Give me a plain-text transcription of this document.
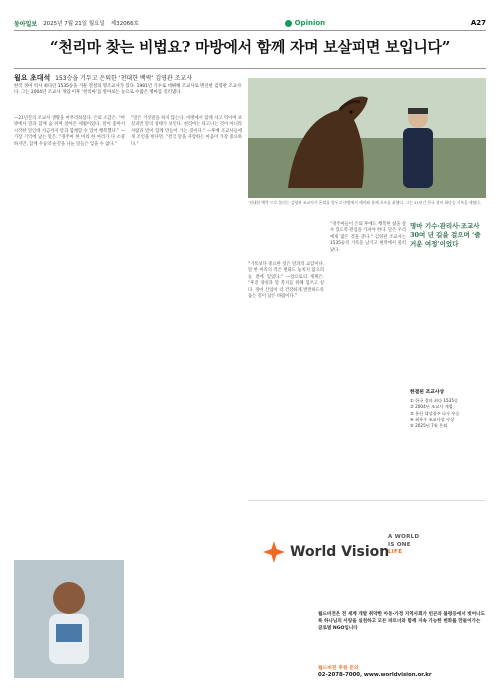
동아일보 2025년 7월 21일 월요일 제32066호	Opinion	A27
“천리마 찾는 비법요? 마방에서 함께 자며 보살피면 보입니다”
월요 초대석 153승을 기두고 은퇴한 ‘천대한 백락’ 김영관 조교사
한국 경마 역사 최다인 1535승을 거둔 전설의 명조교사가 있다. 1981년 기수로 데뷔해 조교사로 변신한 김영관 조교사다. 그는 2004년 조교사 개업 이후 ‘천리마’를 알아보는 눈으로 수많은 명마를 길러냈다.

—21년간의 조교사 생활을 마무리하셨다. 은퇴 소감은. “마방에서 말과 함께 숨 쉬며 살아온 세월이었다. 말이 좋아서 시작한 일인데 지금까지 말과 함께할 수 있어 행복했다.” —가장 기억에 남는 말은. “경주마 한 마리 한 마리가 다 소중하지만, 함께 우승의 순간을 나눈 말들은 잊을 수 없다.”

“말은 거짓말을 하지 않는다. 마방에서 함께 자고 먹이며 보살피면 말의 상태가 보인다. 천리마는 타고나는 것이 아니라 사람과 말이 함께 만들어 가는 것이다.” —후배 조교사들에게 조언을 한다면. “결국 말을 사랑하는 마음이 가장 중요하다.”

“기록보다 중요한 것은 말과의 교감이다. 말 한 마리의 작은 변화도 놓치지 않으려 늘 곁에 있었다.” —앞으로의 계획은. “후진 양성과 말 복지를 위해 힘쓰고 싶다. 경마 산업이 더 건강하게 발전하도록 돕는 것이 남은 바람이다.”

“경주마들이 은퇴 후에도 행복한 삶을 살 수 있도록 관심을 가져야 한다. 말은 우리에게 많은 것을 준다.” 김영관 조교사는 1535승의 기록을 남기고 현역에서 물러났다.

‘천대한 백락’으로 불리는 김영관 조교사가 은퇴를 앞두고 마방에서 애마와 함께 포즈를 취했다. 그는 21년간 한국 경마 최다승 기록을 세웠다.
명마 기수·관리사·조교사 30여 년 길을 걸으며 ‘즐거운 여정’이었다
한결된 조교사상
① 한국 경마 최다 1535승
② 2004년 조교사 개업
③ 통산 대상경주 다수 우승
④ 최우수 조교사상 수상
⑤ 2025년 7월 은퇴
World Vision
A WORLD
IS ONE
LIFE
월드비전은 전 세계 개발 취약한 아동·가정 지역사회가 빈곤과 불평등에서 벗어나도록 하나님의 사랑을 실천하고 모든 파트너와 함께 지속 가능한 변화를 만들어가는 글로벌 NGO입니다
월드비전 후원 문의
02-2078-7000, www.worldvision.or.kr
